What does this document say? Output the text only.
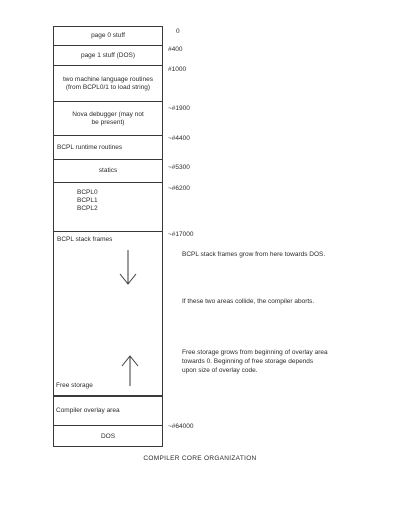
page 0 stuff
page 1 stuff (DOS)
two machine language routines
(from BCPL0/1 to load string)
Nova debugger (may not
be present)
BCPL runtime routines
statics
BCPL0
BCPL1
BCPL2
BCPL stack frames
Free storage
Compiler overlay area
DOS
0
#400
#1000
~#1900
~#4400
~#5300
~#6200
~#17000
~#64000
BCPL stack frames grow from here towards DOS.
If these two areas collide, the compiler aborts.
Free storage grows from beginning of overlay area
towards 0. Beginning of free storage depends
upon size of overlay code.
COMPILER CORE ORGANIZATION
